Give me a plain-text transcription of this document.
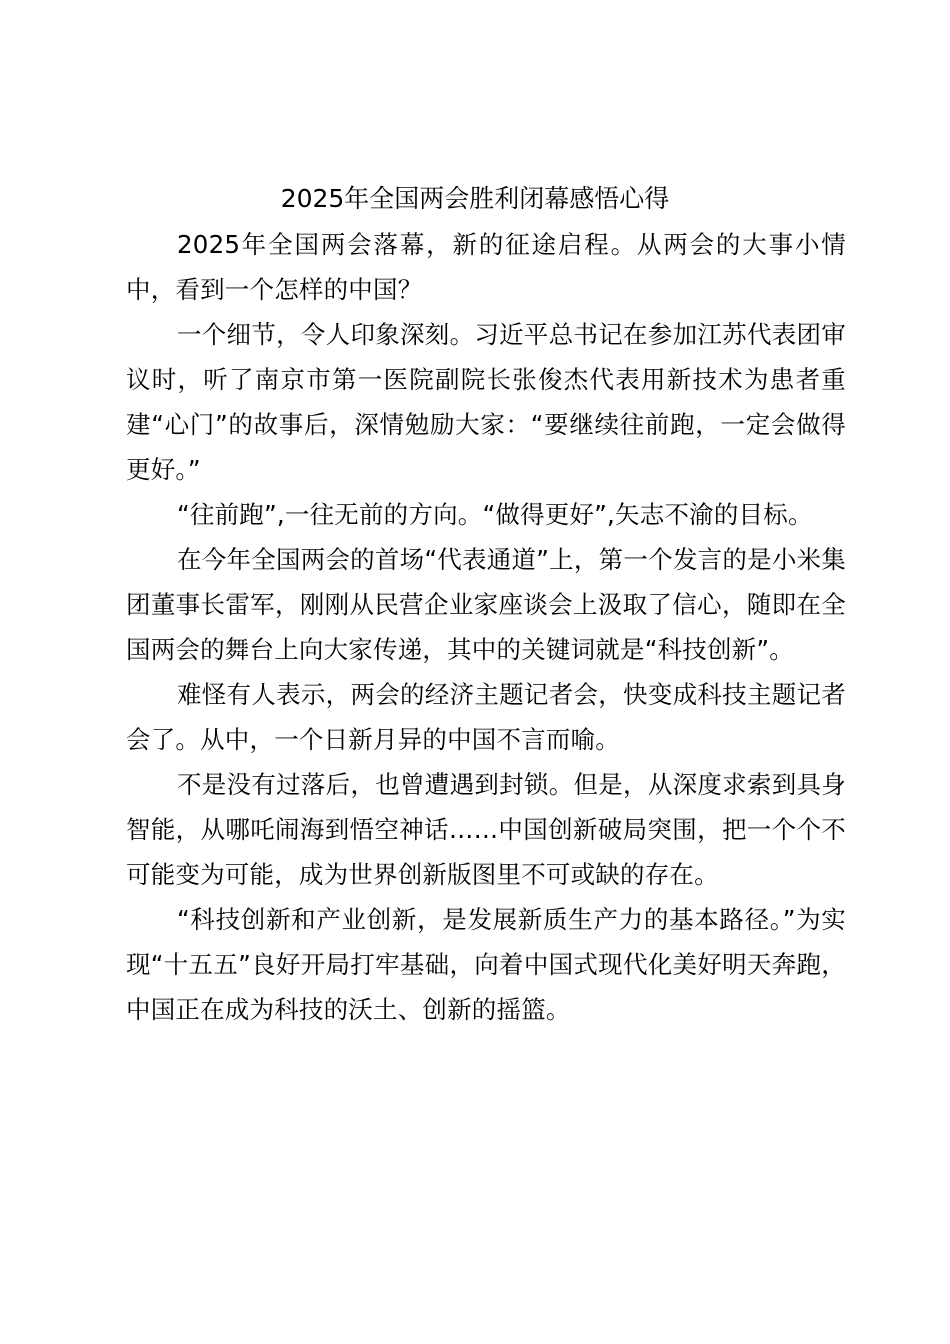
2025年全国两会胜利闭幕感悟心得

2025年全国两会落幕，新的征途启程。从两会的大事小情中，看到一个怎样的中国？

一个细节，令人印象深刻。习近平总书记在参加江苏代表团审议时，听了南京市第一医院副院长张俊杰代表用新技术为患者重建“心门”的故事后，深情勉励大家：“要继续往前跑，一定会做得更好。”

“往前跑”,一往无前的方向。“做得更好”,矢志不渝的目标。

在今年全国两会的首场“代表通道”上，第一个发言的是小米集团董事长雷军，刚刚从民营企业家座谈会上汲取了信心，随即在全国两会的舞台上向大家传递，其中的关键词就是“科技创新”。

难怪有人表示，两会的经济主题记者会，快变成科技主题记者会了。从中，一个日新月异的中国不言而喻。

不是没有过落后，也曾遭遇到封锁。但是，从深度求索到具身智能，从哪吒闹海到悟空神话……中国创新破局突围，把一个个不可能变为可能，成为世界创新版图里不可或缺的存在。

“科技创新和产业创新，是发展新质生产力的基本路径。”为实现“十五五”良好开局打牢基础，向着中国式现代化美好明天奔跑，中国正在成为科技的沃土、创新的摇篮。
